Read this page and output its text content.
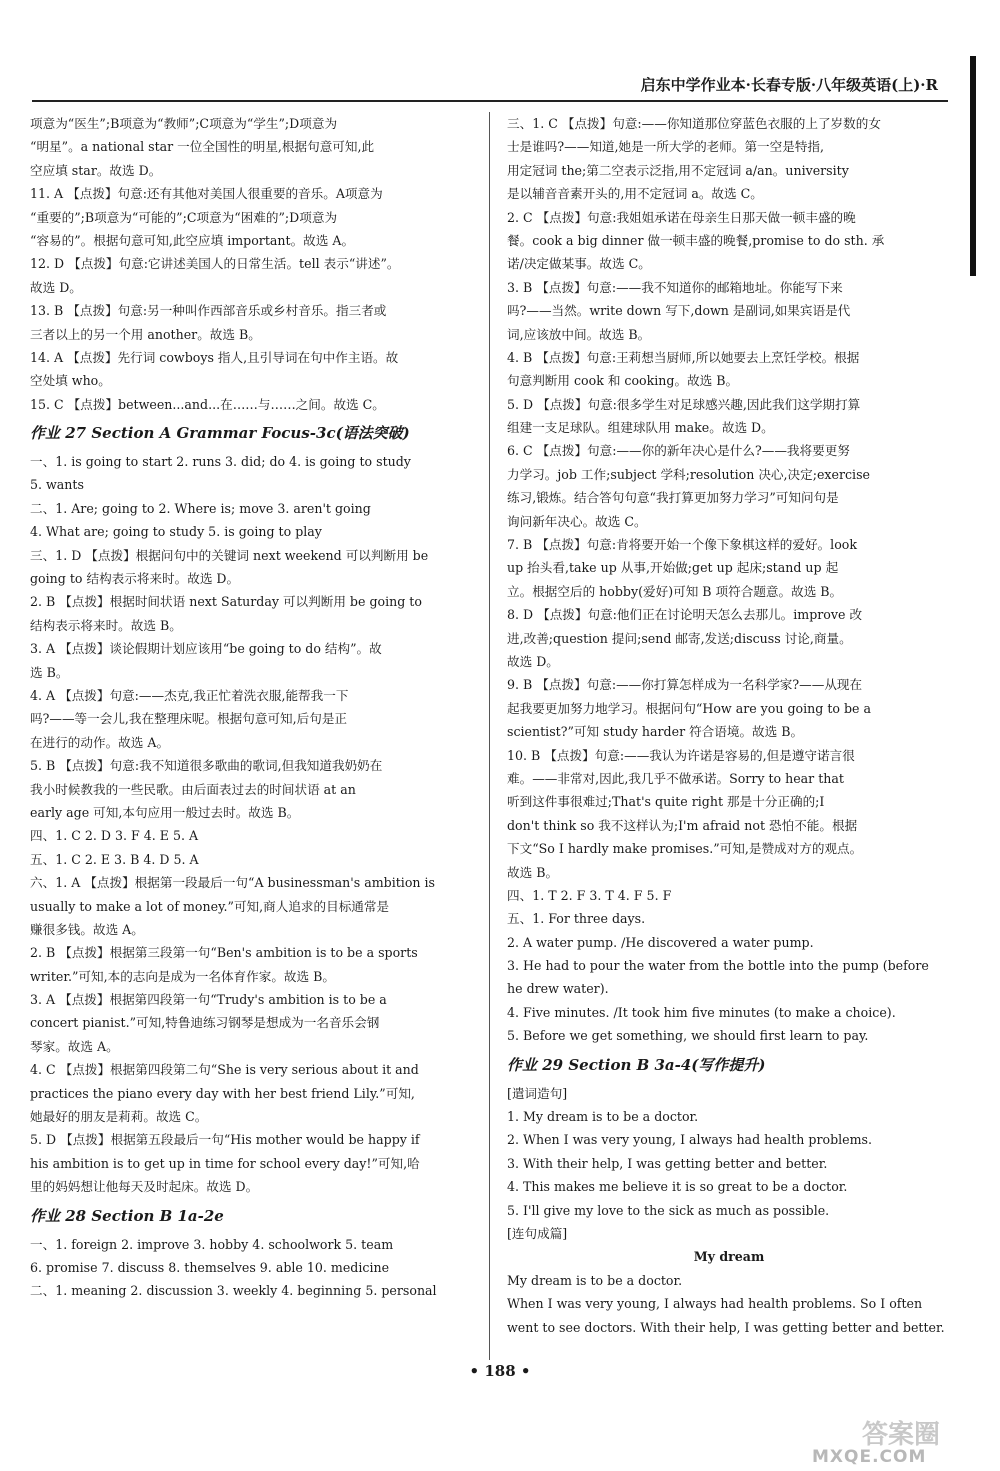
启东中学作业本·长春专版·八年级英语(上)·R
项意为“医生”;B项意为“教师”;C项意为“学生”;D项意为
“明星”。a national star 一位全国性的明星,根据句意可知,此
空应填 star。故选 D。
11. A 【点拨】句意:还有其他对美国人很重要的音乐。A项意为
“重要的”;B项意为“可能的”;C项意为“困难的”;D项意为
“容易的”。根据句意可知,此空应填 important。故选 A。
12. D 【点拨】句意:它讲述美国人的日常生活。tell 表示“讲述”。
故选 D。
13. B 【点拨】句意:另一种叫作西部音乐或乡村音乐。指三者或
三者以上的另一个用 another。故选 B。
14. A 【点拨】先行词 cowboys 指人,且引导词在句中作主语。故
空处填 who。
15. C 【点拨】between...and...在……与……之间。故选 C。
作业 27 Section A Grammar Focus-3c(语法突破)
一、1. is going to start 2. runs 3. did; do 4. is going to study
5. wants
二、1. Are; going to 2. Where is; move 3. aren't going
4. What are; going to study 5. is going to play
三、1. D 【点拨】根据问句中的关键词 next weekend 可以判断用 be
going to 结构表示将来时。故选 D。
2. B 【点拨】根据时间状语 next Saturday 可以判断用 be going to
结构表示将来时。故选 B。
3. A 【点拨】谈论假期计划应该用“be going to do 结构”。故
选 B。
4. A 【点拨】句意:——杰克,我正忙着洗衣服,能帮我一下
吗?——等一会儿,我在整理床呢。根据句意可知,后句是正
在进行的动作。故选 A。
5. B 【点拨】句意:我不知道很多歌曲的歌词,但我知道我奶奶在
我小时候教我的一些民歌。由后面表过去的时间状语 at an
early age 可知,本句应用一般过去时。故选 B。
四、1. C 2. D 3. F 4. E 5. A
五、1. C 2. E 3. B 4. D 5. A
六、1. A 【点拨】根据第一段最后一句“A businessman's ambition is
usually to make a lot of money.”可知,商人追求的目标通常是
赚很多钱。故选 A。
2. B 【点拨】根据第三段第一句“Ben's ambition is to be a sports
writer.”可知,本的志向是成为一名体育作家。故选 B。
3. A 【点拨】根据第四段第一句“Trudy's ambition is to be a
concert pianist.”可知,特鲁迪练习钢琴是想成为一名音乐会钢
琴家。故选 A。
4. C 【点拨】根据第四段第二句“She is very serious about it and
practices the piano every day with her best friend Lily.”可知,
她最好的朋友是莉莉。故选 C。
5. D 【点拨】根据第五段最后一句“His mother would be happy if
his ambition is to get up in time for school every day!”可知,哈
里的妈妈想让他每天及时起床。故选 D。
作业 28 Section B 1a-2e
一、1. foreign 2. improve 3. hobby 4. schoolwork 5. team
6. promise 7. discuss 8. themselves 9. able 10. medicine
二、1. meaning 2. discussion 3. weekly 4. beginning 5. personal
三、1. C 【点拨】句意:——你知道那位穿蓝色衣服的上了岁数的女
士是谁吗?——知道,她是一所大学的老师。第一空是特指,
用定冠词 the;第二空表示泛指,用不定冠词 a/an。university
是以辅音音素开头的,用不定冠词 a。故选 C。
2. C 【点拨】句意:我姐姐承诺在母亲生日那天做一顿丰盛的晚
餐。cook a big dinner 做一顿丰盛的晚餐,promise to do sth. 承
诺/决定做某事。故选 C。
3. B 【点拨】句意:——我不知道你的邮箱地址。你能写下来
吗?——当然。write down 写下,down 是副词,如果宾语是代
词,应该放中间。故选 B。
4. B 【点拨】句意:王莉想当厨师,所以她要去上烹饪学校。根据
句意判断用 cook 和 cooking。故选 B。
5. D 【点拨】句意:很多学生对足球感兴趣,因此我们这学期打算
组建一支足球队。组建球队用 make。故选 D。
6. C 【点拨】句意:——你的新年决心是什么?——我将要更努
力学习。job 工作;subject 学科;resolution 决心,决定;exercise
练习,锻炼。结合答句句意“我打算更加努力学习”可知问句是
询问新年决心。故选 C。
7. B 【点拨】句意:肯将要开始一个像下象棋这样的爱好。look
up 抬头看,take up 从事,开始做;get up 起床;stand up 起
立。根据空后的 hobby(爱好)可知 B 项符合题意。故选 B。
8. D 【点拨】句意:他们正在讨论明天怎么去那儿。improve 改
进,改善;question 提问;send 邮寄,发送;discuss 讨论,商量。
故选 D。
9. B 【点拨】句意:——你打算怎样成为一名科学家?——从现在
起我要更加努力地学习。根据问句“How are you going to be a
scientist?”可知 study harder 符合语境。故选 B。
10. B 【点拨】句意:——我认为许诺是容易的,但是遵守诺言很
难。——非常对,因此,我几乎不做承诺。Sorry to hear that
听到这件事很难过;That's quite right 那是十分正确的;I
don't think so 我不这样认为;I'm afraid not 恐怕不能。根据
下文“So I hardly make promises.”可知,是赞成对方的观点。
故选 B。
四、1. T 2. F 3. T 4. F 5. F
五、1. For three days.
2. A water pump. /He discovered a water pump.
3. He had to pour the water from the bottle into the pump (before
he drew water).
4. Five minutes. /It took him five minutes (to make a choice).
5. Before we get something, we should first learn to pay.
作业 29 Section B 3a-4(写作提升)
[遣词造句]
1. My dream is to be a doctor.
2. When I was very young, I always had health problems.
3. With their help, I was getting better and better.
4. This makes me believe it is so great to be a doctor.
5. I'll give my love to the sick as much as possible.
[连句成篇]
My dream
My dream is to be a doctor.
When I was very young, I always had health problems. So I often
went to see doctors. With their help, I was getting better and better.
• 188 •
答案圈
MXQE.COM
